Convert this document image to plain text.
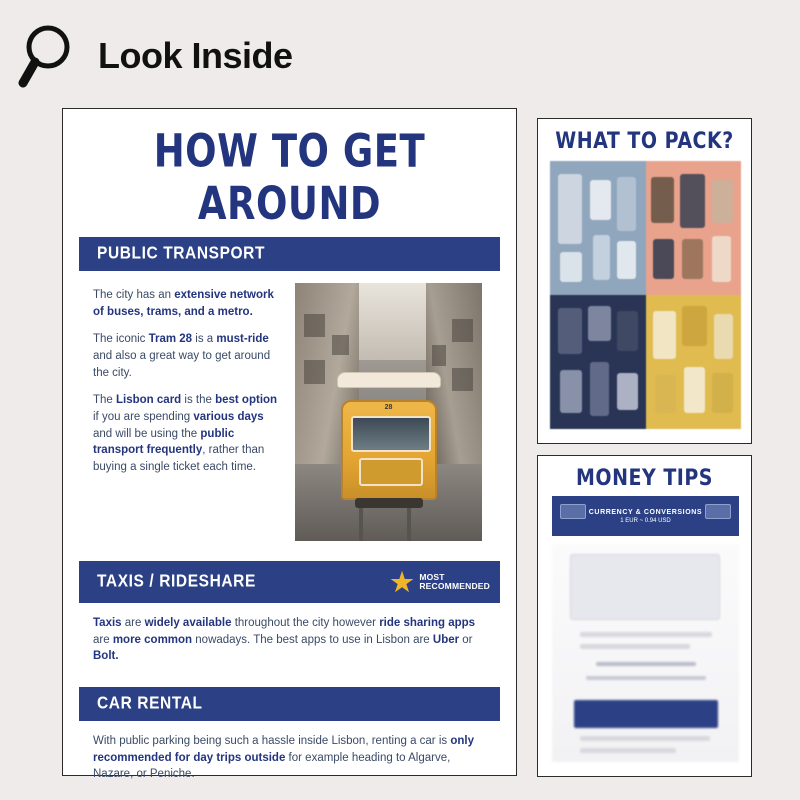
Look Inside
HOW TO GET AROUND
PUBLIC TRANSPORT

The city has an extensive network of buses, trams, and a metro.

The iconic Tram 28 is a must-ride and also a great way to get around the city.

The Lisbon card is the best option if you are spending various days and will be using the public transport frequently, rather than buying a single ticket each time.

28
TAXIS / RIDESHARE	★ MOST
RECOMMENDED

Taxis are widely available throughout the city however ride sharing apps are more common nowadays. The best apps to use in Lisbon are Uber or Bolt.

CAR RENTAL

With public parking being such a hassle inside Lisbon, renting a car is only recommended for day trips outside for example heading to Algarve, Nazare, or Peniche.

WHAT TO PACK?
MONEY TIPS
CURRENCY & CONVERSIONS
1 EUR ~ 0.94 USD
